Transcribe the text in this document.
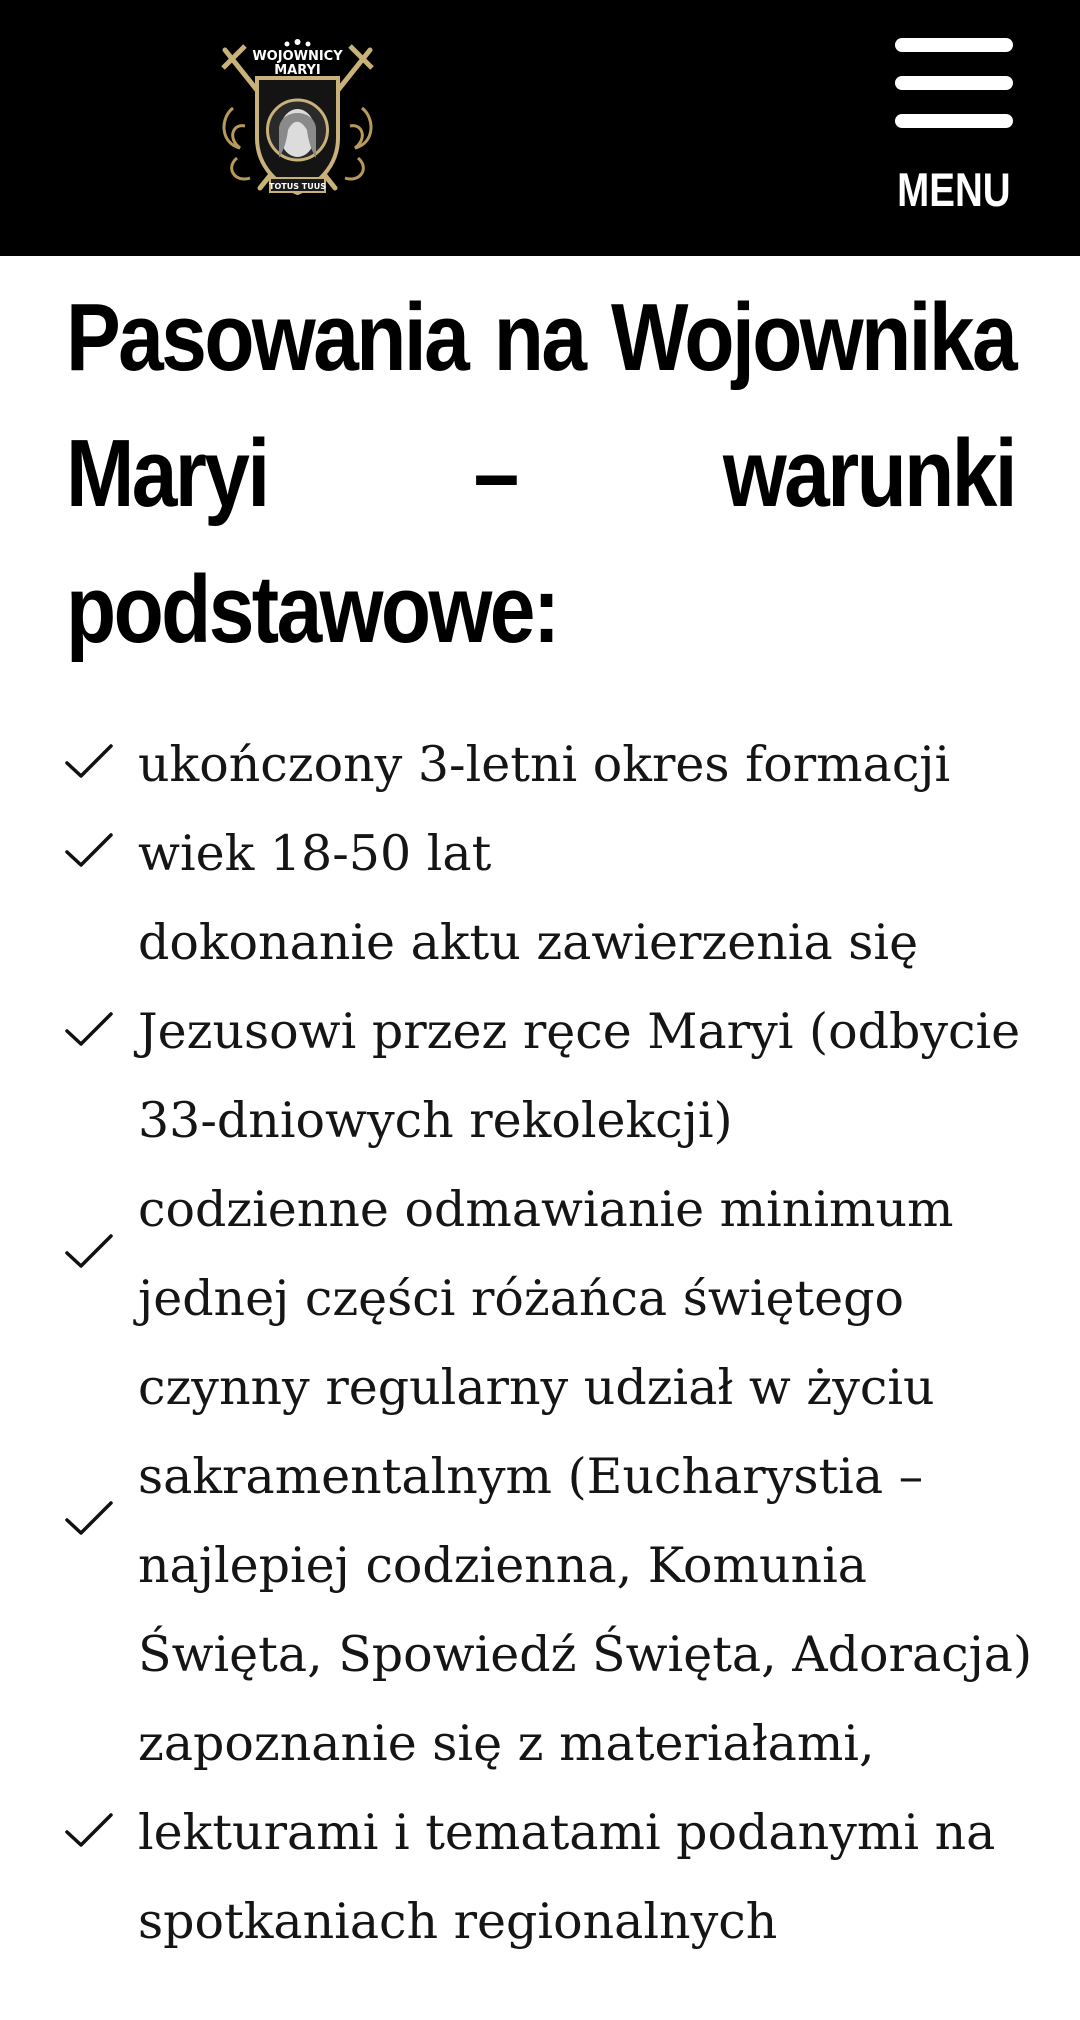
WOJOWNICY
MARYI
TOTUS TUUS	MENU
Pasowania na Wojownika Maryi – warunki podstawowe:
ukończony 3-letni okres formacji
wiek 18-50 lat
dokonanie aktu zawierzenia się Jezusowi przez ręce Maryi (odbycie 33-dniowych rekolekcji)
codzienne odmawianie minimum jednej części różańca świętego
czynny regularny udział w życiu sakramentalnym (Eucharystia – najlepiej codzienna, Komunia Święta, Spowiedź Święta, Adoracja)
zapoznanie się z materiałami, lekturami i tematami podanymi na spotkaniach regionalnych
